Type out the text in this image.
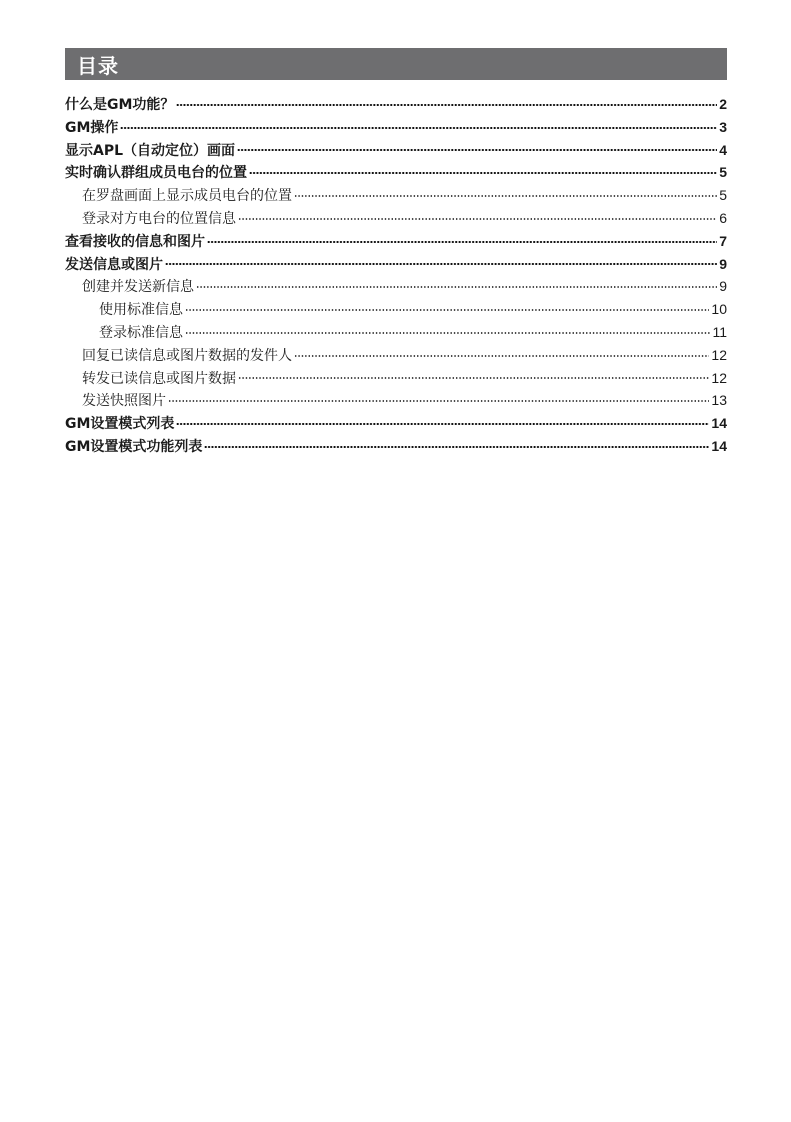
目录
什么是GM功能？	2
GM操作	3
显示APL（自动定位）画面	4
实时确认群组成员电台的位置	5
在罗盘画面上显示成员电台的位置	5
登录对方电台的位置信息	6
查看接收的信息和图片	7
发送信息或图片	9
创建并发送新信息	9
使用标准信息	10
登录标准信息	11
回复已读信息或图片数据的发件人	12
转发已读信息或图片数据	12
发送快照图片	13
GM设置模式列表	14
GM设置模式功能列表	14
